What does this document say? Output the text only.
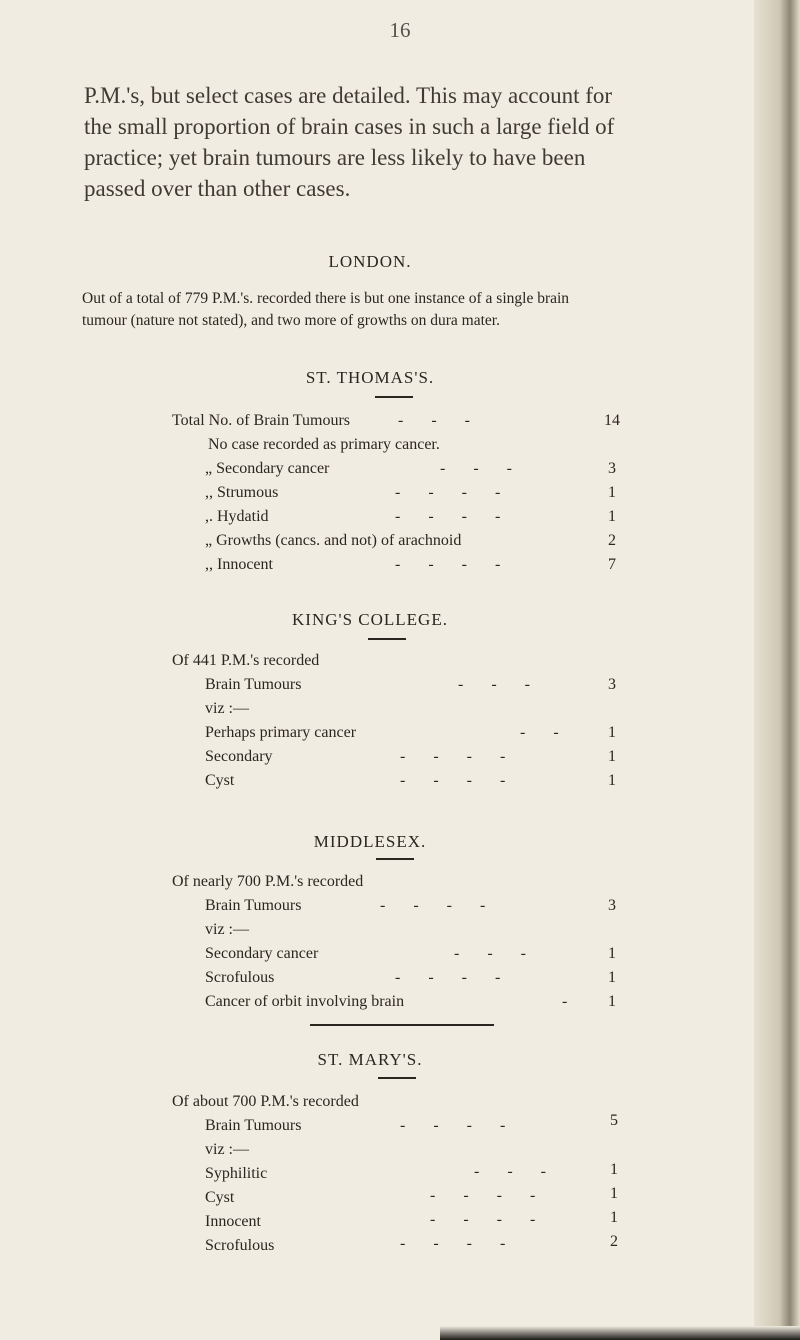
16
P.M.'s, but select cases are detailed. This may account for
the small proportion of brain cases in such a large field of
practice; yet brain tumours are less likely to have been
passed over than other cases.
LONDON.
Out of a total of 779 P.M.'s. recorded there is but one instance of a single brain
tumour (nature not stated), and two more of growths on dura mater.
ST. THOMAS'S.
Total No. of Brain Tumours	-       -       -	14
No case recorded as primary cancer.
„ Secondary cancer	-       -       -	3
,, Strumous	-       -       -       -	1
,. Hydatid	-       -       -       -	1
„ Growths (cancs. and not) of arachnoid	2
,, Innocent	-       -       -       -	7
KING'S COLLEGE.
Of 441 P.M.'s recorded
Brain Tumours	-       -       -	3
viz :—
Perhaps primary cancer	-       -	1
Secondary	-       -       -       -	1
Cyst	-       -       -       -	1
MIDDLESEX.
Of nearly 700 P.M.'s recorded
Brain Tumours	-       -       -       -	3
viz :—
Secondary cancer	-       -       -	1
Scrofulous	-       -       -       -	1
Cancer of orbit involving brain	-	1
ST. MARY'S.
Of about 700 P.M.'s recorded
Brain Tumours	-       -       -       -	5
viz :—
Syphilitic	-       -       -	1
Cyst	-       -       -       -	1
Innocent	-       -       -       -	1
Scrofulous	-       -       -       -	2
